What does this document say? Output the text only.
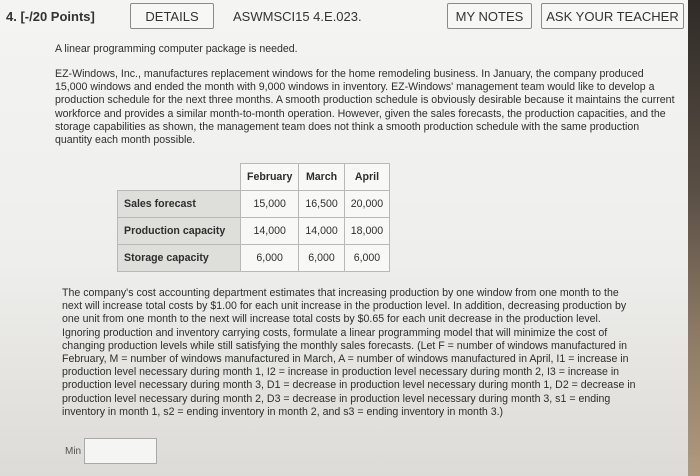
4. [-/20 Points]	DETAILS	ASWMSCI15 4.E.023.	MY NOTES	ASK YOUR TEACHER
A linear programming computer package is needed.
EZ-Windows, Inc., manufactures replacement windows for the home remodeling business. In January, the company produced 15,000 windows and ended the month with 9,000 windows in inventory. EZ-Windows' management team would like to develop a production schedule for the next three months. A smooth production schedule is obviously desirable because it maintains the current workforce and provides a similar month-to-month operation. However, given the sales forecasts, the production capacities, and the storage capabilities as shown, the management team does not think a smooth production schedule with the same production quantity each month possible.
	February	March	April
Sales forecast	15,000	16,500	20,000
Production capacity	14,000	14,000	18,000
Storage capacity	6,000	6,000	6,000
The company's cost accounting department estimates that increasing production by one window from one month to the
next will increase total costs by $1.00 for each unit increase in the production level. In addition, decreasing production by
one unit from one month to the next will increase total costs by $0.65 for each unit decrease in the production level.
Ignoring production and inventory carrying costs, formulate a linear programming model that will minimize the cost of
changing production levels while still satisfying the monthly sales forecasts. (Let F = number of windows manufactured in
February, M = number of windows manufactured in March, A = number of windows manufactured in April, I1 = increase in
production level necessary during month 1, I2 = increase in production level necessary during month 2, I3 = increase in
production level necessary during month 3, D1 = decrease in production level necessary during month 1, D2 = decrease in
production level necessary during month 2, D3 = decrease in production level necessary during month 3, s1 = ending
inventory in month 1, s2 = ending inventory in month 2, and s3 = ending inventory in month 3.)
Min
